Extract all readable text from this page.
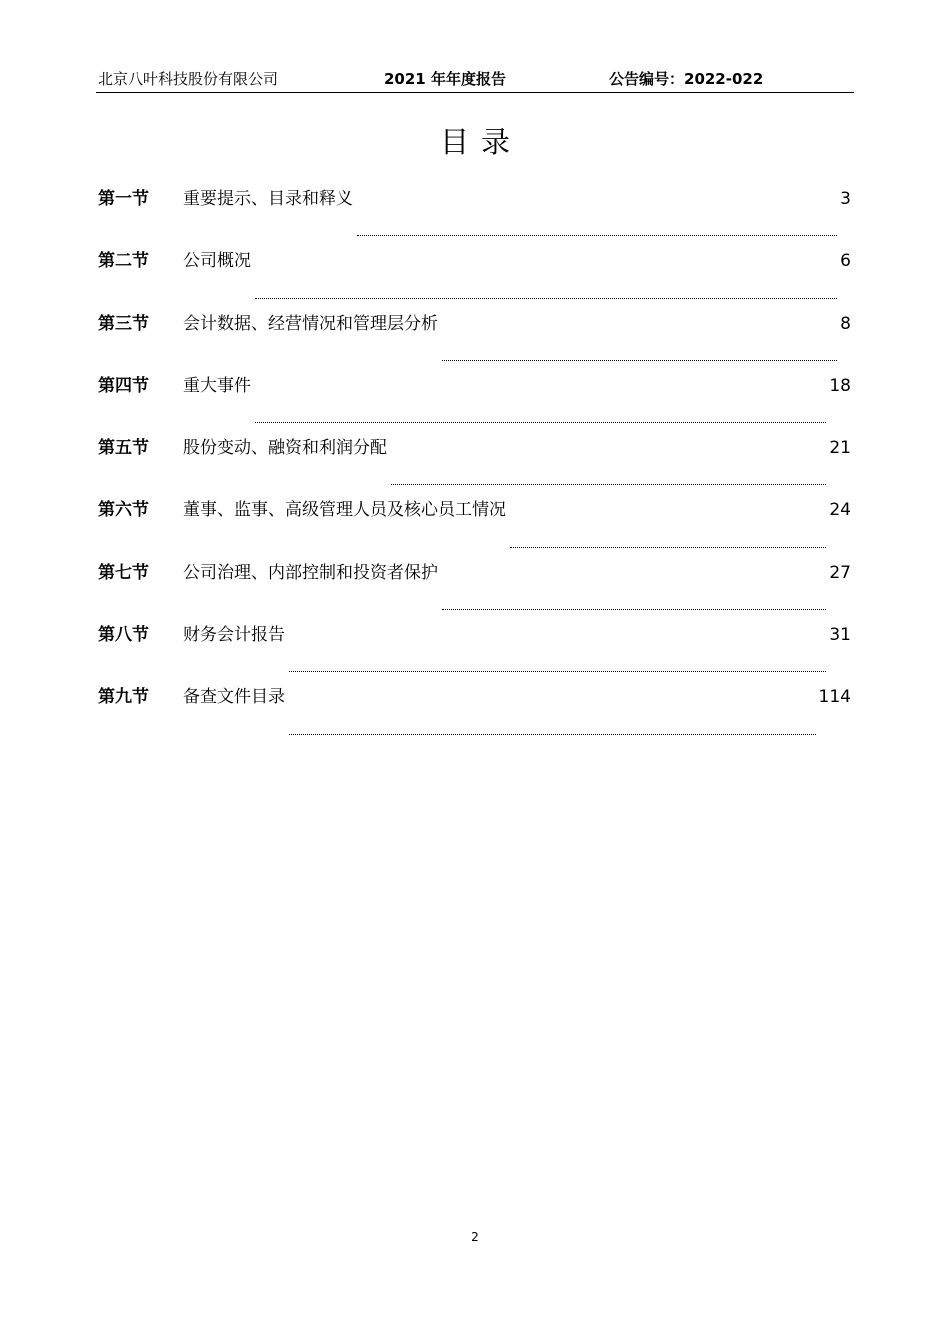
北京八叶科技股份有限公司	2021 年年度报告	公告编号：2022-022
目录
第一节	重要提示、目录和释义	3
第二节	公司概况	6
第三节	会计数据、经营情况和管理层分析	8
第四节	重大事件	18
第五节	股份变动、融资和利润分配	21
第六节	董事、监事、高级管理人员及核心员工情况	24
第七节	公司治理、内部控制和投资者保护	27
第八节	财务会计报告	31
第九节	备查文件目录	114
2
